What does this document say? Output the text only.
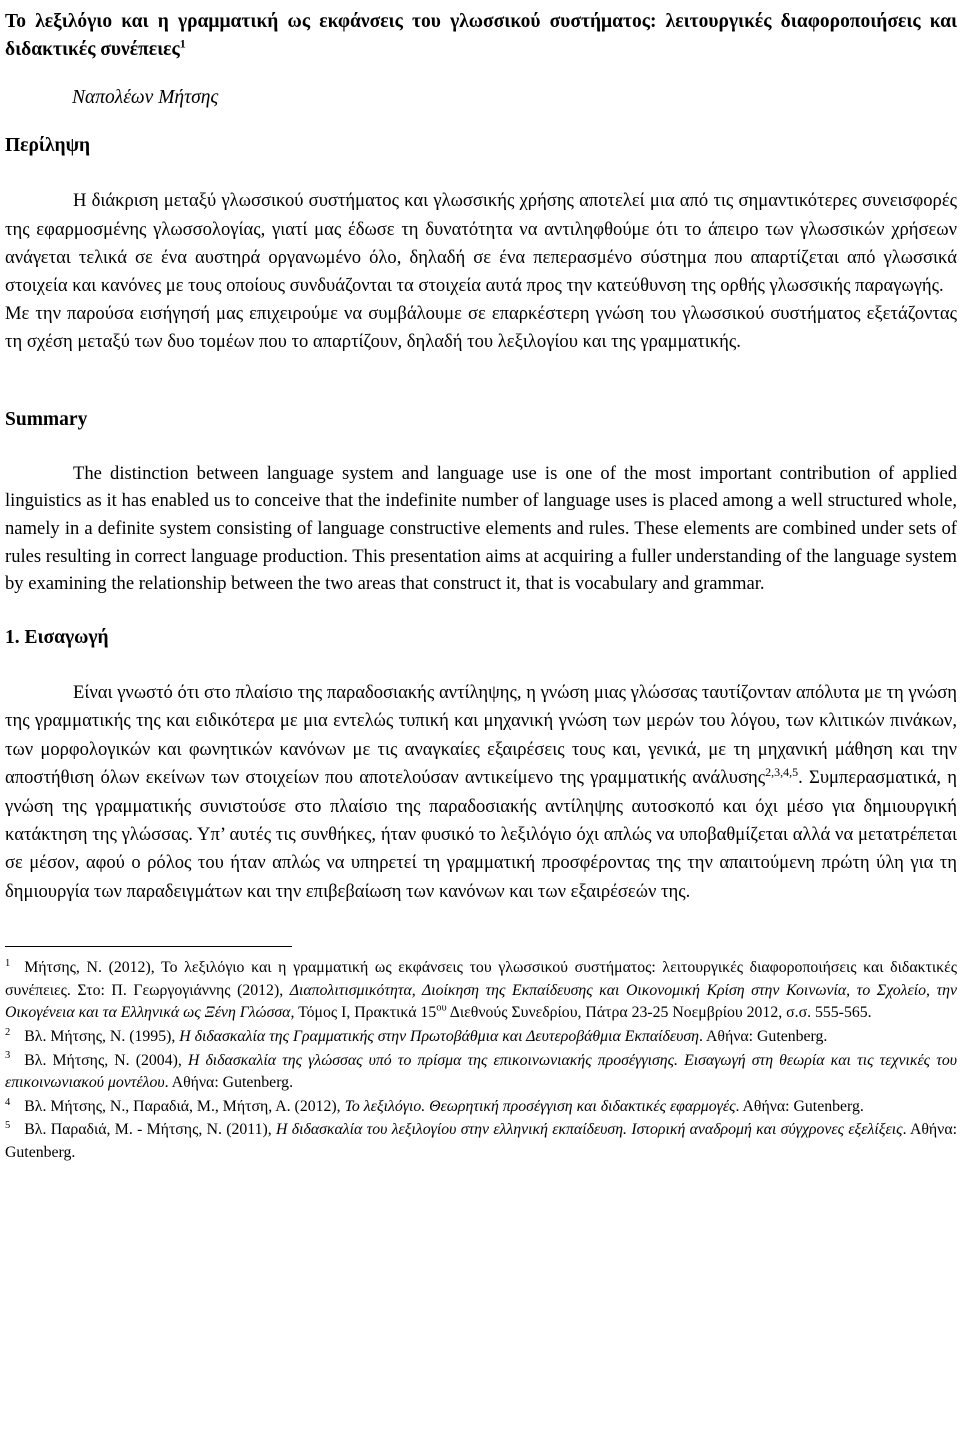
Το λεξιλόγιο και η γραμματική ως εκφάνσεις του γλωσσικού συστήματος: λειτουργικές διαφοροποιήσεις και διδακτικές συνέπειες$^1$
Ναπολέων Μήτσης
Περίληψη
Η διάκριση μεταξύ γλωσσικού συστήματος και γλωσσικής χρήσης αποτελεί μια από τις σημαντικότερες συνεισφορές της εφαρμοσμένης γλωσσολογίας, γιατί μας έδωσε τη δυνατότητα να αντιληφθούμε ότι το άπειρο των γλωσσικών χρήσεων ανάγεται τελικά σε ένα αυστηρά οργανωμένο όλο, δηλαδή σε ένα πεπερασμένο σύστημα που απαρτίζεται από γλωσσικά στοιχεία και κανόνες με τους οποίους συνδυάζονται τα στοιχεία αυτά προς την κατεύθυνση της ορθής γλωσσικής παραγωγής.
Με την παρούσα εισήγησή μας επιχειρούμε να συμβάλουμε σε επαρκέστερη γνώση του γλωσσικού συστήματος εξετάζοντας τη σχέση μεταξύ των δυο τομέων που το απαρτίζουν, δηλαδή του λεξιλογίου και της γραμματικής.
Summary
The distinction between language system and language use is one of the most important contribution of applied linguistics as it has enabled us to conceive that the indefinite number of language uses is placed among a well structured whole, namely in a definite system consisting of language constructive elements and rules. These elements are combined under sets of rules resulting in correct language production. This presentation aims at acquiring a fuller understanding of the language system by examining the relationship between the two areas that construct it, that is vocabulary and grammar.
1. Εισαγωγή
Είναι γνωστό ότι στο πλαίσιο της παραδοσιακής αντίληψης, η γνώση μιας γλώσσας ταυτίζονταν απόλυτα με τη γνώση της γραμματικής της και ειδικότερα με μια εντελώς τυπική και μηχανική γνώση των μερών του λόγου, των κλιτικών πινάκων, των μορφολογικών και φωνητικών κανόνων με τις αναγκαίες εξαιρέσεις τους και, γενικά, με τη μηχανική μάθηση και την αποστήθιση όλων εκείνων των στοιχείων που αποτελούσαν αντικείμενο της γραμματικής ανάλυσης$^{2,3,4,5}$. Συμπερασματικά, η γνώση της γραμματικής συνιστούσε στο πλαίσιο της παραδοσιακής αντίληψης αυτοσκοπό και όχι μέσο για δημιουργική κατάκτηση της γλώσσας. Υπ’ αυτές τις συνθήκες, ήταν φυσικό το λεξιλόγιο όχι απλώς να υποβαθμίζεται αλλά να μετατρέπεται σε μέσον, αφού ο ρόλος του ήταν απλώς να υπηρετεί τη γραμματική προσφέροντας της την απαιτούμενη πρώτη ύλη για τη δημιουργία των παραδειγμάτων και την επιβεβαίωση των κανόνων και των εξαιρέσεών της.
$^1$ Μήτσης, Ν. (2012), Το λεξιλόγιο και η γραμματική ως εκφάνσεις του γλωσσικού συστήματος: λειτουργικές διαφοροποιήσεις και διδακτικές συνέπειες. Στο: Π. Γεωργογιάννης (2012), Διαπολιτισμικότητα, Διοίκηση της Εκπαίδευσης και Οικονομική Κρίση στην Κοινωνία, το Σχολείο, την Οικογένεια και τα Ελληνικά ως Ξένη Γλώσσα, Τόμος Ι, Πρακτικά $15^{o\upsilon}$ Διεθνούς Συνεδρίου, Πάτρα 23-25 Νοεμβρίου 2012, σ.σ. 555-565.
$^2$ Βλ. Μήτσης, Ν. (1995), Η διδασκαλία της Γραμματικής στην Πρωτοβάθμια και Δευτεροβάθμια Εκπαίδευση. Αθήνα: Gutenberg.
$^3$ Βλ. Μήτσης, Ν. (2004), Η διδασκαλία της γλώσσας υπό το πρίσμα της επικοινωνιακής προσέγγισης. Εισαγωγή στη θεωρία και τις τεχνικές του επικοινωνιακού μοντέλου. Αθήνα: Gutenberg.
$^4$ Βλ. Μήτσης, Ν., Παραδιά, Μ., Μήτση, Α. (2012), Το λεξιλόγιο. Θεωρητική προσέγγιση και διδακτικές εφαρμογές. Αθήνα: Gutenberg.
$^5$ Βλ. Παραδιά, Μ. - Μήτσης, Ν. (2011), Η διδασκαλία του λεξιλογίου στην ελληνική εκπαίδευση. Ιστορική αναδρομή και σύγχρονες εξελίξεις. Αθήνα: Gutenberg.
